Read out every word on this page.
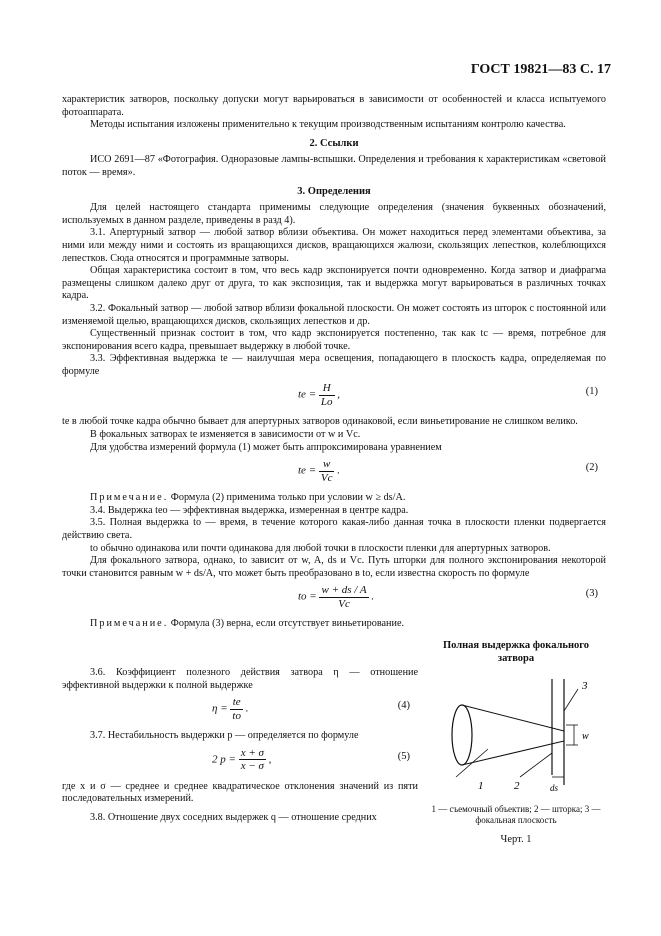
ГОСТ 19821—83 С. 17

характеристик затворов, поскольку допуски могут варьироваться в зависимости от особенностей и класса испытуемого фотоаппарата.

Методы испытания изложены применительно к текущим производственным испытаниям контролю качества.

2. Ссылки

ИСО 2691—87 «Фотография. Одноразовые лампы-вспышки. Определения и требования к характеристикам «световой поток — время».

3. Определения

Для целей настоящего стандарта применимы следующие определения (значения буквенных обозначений, используемых в данном разделе, приведены в разд 4).

3.1. Апертурный затвор — любой затвор вблизи объектива. Он может находиться перед элементами объектива, за ними или между ними и состоять из вращающихся дисков, вращающихся жалюзи, скользящих лепестков, колеблющихся лепестков. Сюда относятся и программные затворы.

Общая характеристика состоит в том, что весь кадр экспонируется почти одновременно. Когда затвор и диафрагма размещены слишком далеко друг от друга, то как экспозиция, так и выдержка могут варьироваться в различных точках кадра.

3.2. Фокальный затвор — любой затвор вблизи фокальной плоскости. Он может состоять из шторок с постоянной или изменяемой щелью, вращающихся дисков, скользящих лепестков и др.

Существенный признак состоит в том, что кадр экспонируется постепенно, так как tc — время, потребное для экспонирования всего кадра, превышает выдержку в любой точке.

3.3. Эффективная выдержка tе — наилучшая мера освещения, попадающего в плоскость кадра, определяемая по формуле

tе = $\frac{H}{Lo}$ ,	(1)

tе в любой точке кадра обычно бывает для апертурных затворов одинаковой, если виньетирование не слишком велико.

В фокальных затворах tе изменяется в зависимости от w и Vс.

Для удобства измерений формула (1) может быть аппроксимирована уравнением

tе = $\frac{w}{Vс}$ .	(2)

Примечание. Формула (2) применима только при условии w ≥ ds/A.

3.4. Выдержка tео — эффективная выдержка, измеренная в центре кадра.

3.5. Полная выдержка to — время, в течение которого какая-либо данная точка в плоскости пленки подвергается действию света.

to обычно одинакова или почти одинакова для любой точки в плоскости пленки для апертурных затворов.

Для фокального затвора, однако, to зависит от w, A, ds и Vс. Путь шторки для полного экспонирования некоторой точки становится равным w + ds/A, что может быть преобразовано в to, если известна скорость по формуле

to = $\frac{w + ds / A}{Vс}$ .	(3)

Примечание. Формула (3) верна, если отсутствует виньетирование.

3.6. Коэффициент полезного действия затвора η — отношение эффективной выдержки к полной выдержке

$\eta = \frac{tе}{to}$ .	(4)

3.7. Нестабильность выдержки p — определяется по формуле

2 $p = \frac{x + \sigma}{x - \sigma}$ ,	(5)

где x и σ — среднее и среднее квадратическое отклонения значений из пяти последовательных измерений.

3.8. Отношение двух соседних выдержек q — отношение средних

Полная выдержка фокального затвора
1	2
3
w
ds
1 — съемочный объектив; 2 — шторка; 3 — фокальная плоскость
Черт. 1
